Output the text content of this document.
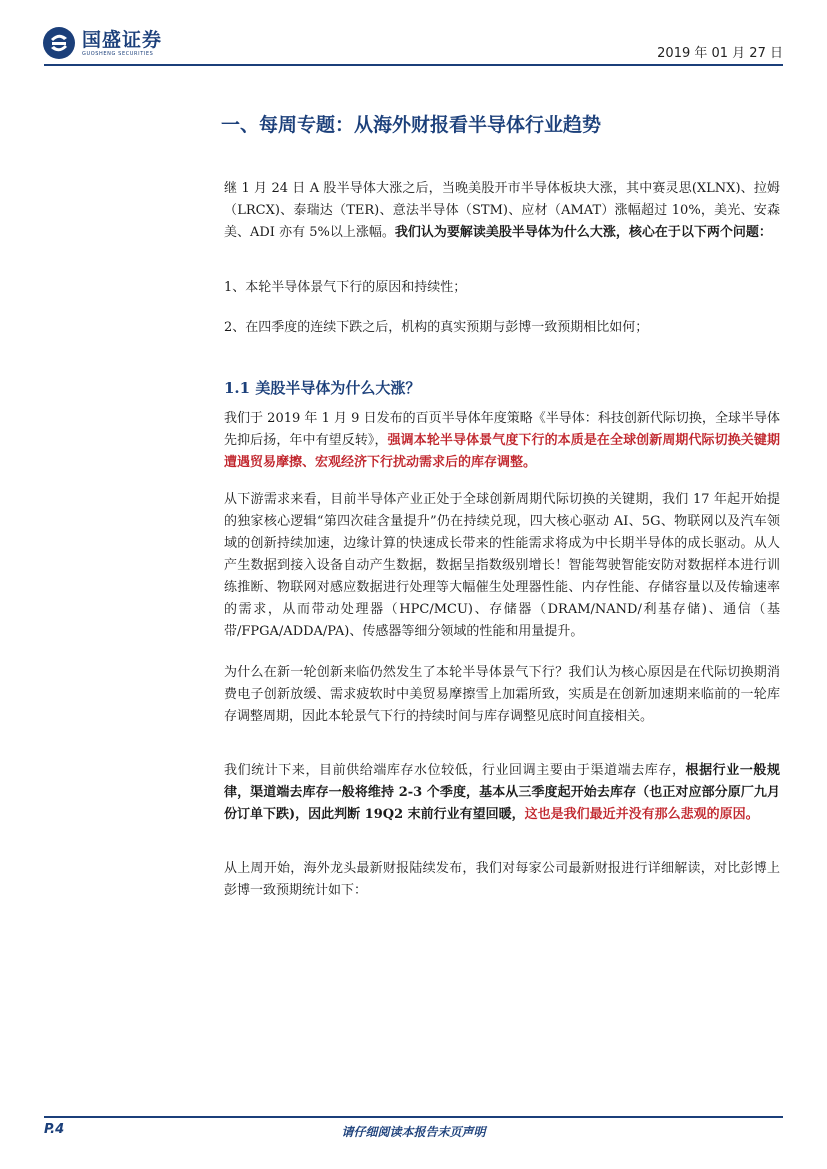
国盛证券
GUOSHENG SECURITIES	2019 年 01 月 27 日
一、每周专题：从海外财报看半导体行业趋势

继 1 月 24 日 A 股半导体大涨之后，当晚美股开市半导体板块大涨，其中赛灵思(XLNX)、拉姆（LRCX)、泰瑞达（TER)、意法半导体（STM)、应材（AMAT）涨幅超过 10%，美光、安森美、ADI 亦有 5%以上涨幅。我们认为要解读美股半导体为什么大涨，核心在于以下两个问题：

1、本轮半导体景气下行的原因和持续性；
2、在四季度的连续下跌之后，机构的真实预期与彭博一致预期相比如何；
1.1 美股半导体为什么大涨？

我们于 2019 年 1 月 9 日发布的百页半导体年度策略《半导体：科技创新代际切换，全球半导体先抑后扬，年中有望反转》，强调本轮半导体景气度下行的本质是在全球创新周期代际切换关键期遭遇贸易摩擦、宏观经济下行扰动需求后的库存调整。

从下游需求来看，目前半导体产业正处于全球创新周期代际切换的关键期，我们 17 年起开始提的独家核心逻辑“第四次硅含量提升”仍在持续兑现，四大核心驱动 AI、5G、物联网以及汽车领域的创新持续加速，边缘计算的快速成长带来的性能需求将成为中长期半导体的成长驱动。从人产生数据到接入设备自动产生数据，数据呈指数级别增长！智能驾驶智能安防对数据样本进行训练推断、物联网对感应数据进行处理等大幅催生处理器性能、内存性能、存储容量以及传输速率的需求，从而带动处理器（HPC/MCU)、存储器（DRAM/NAND/利基存储)、通信（基带/FPGA/ADDA/PA)、传感器等细分领域的性能和用量提升。

为什么在新一轮创新来临仍然发生了本轮半导体景气下行？我们认为核心原因是在代际切换期消费电子创新放缓、需求疲软时中美贸易摩擦雪上加霜所致，实质是在创新加速期来临前的一轮库存调整周期，因此本轮景气下行的持续时间与库存调整见底时间直接相关。

我们统计下来，目前供给端库存水位较低，行业回调主要由于渠道端去库存，根据行业一般规律，渠道端去库存一般将维持 2-3 个季度，基本从三季度起开始去库存（也正对应部分原厂九月份订单下跌)，因此判断 19Q2 末前行业有望回暖，这也是我们最近并没有那么悲观的原因。

从上周开始，海外龙头最新财报陆续发布，我们对每家公司最新财报进行详细解读，对比彭博上彭博一致预期统计如下：

P.4	请仔细阅读本报告末页声明
